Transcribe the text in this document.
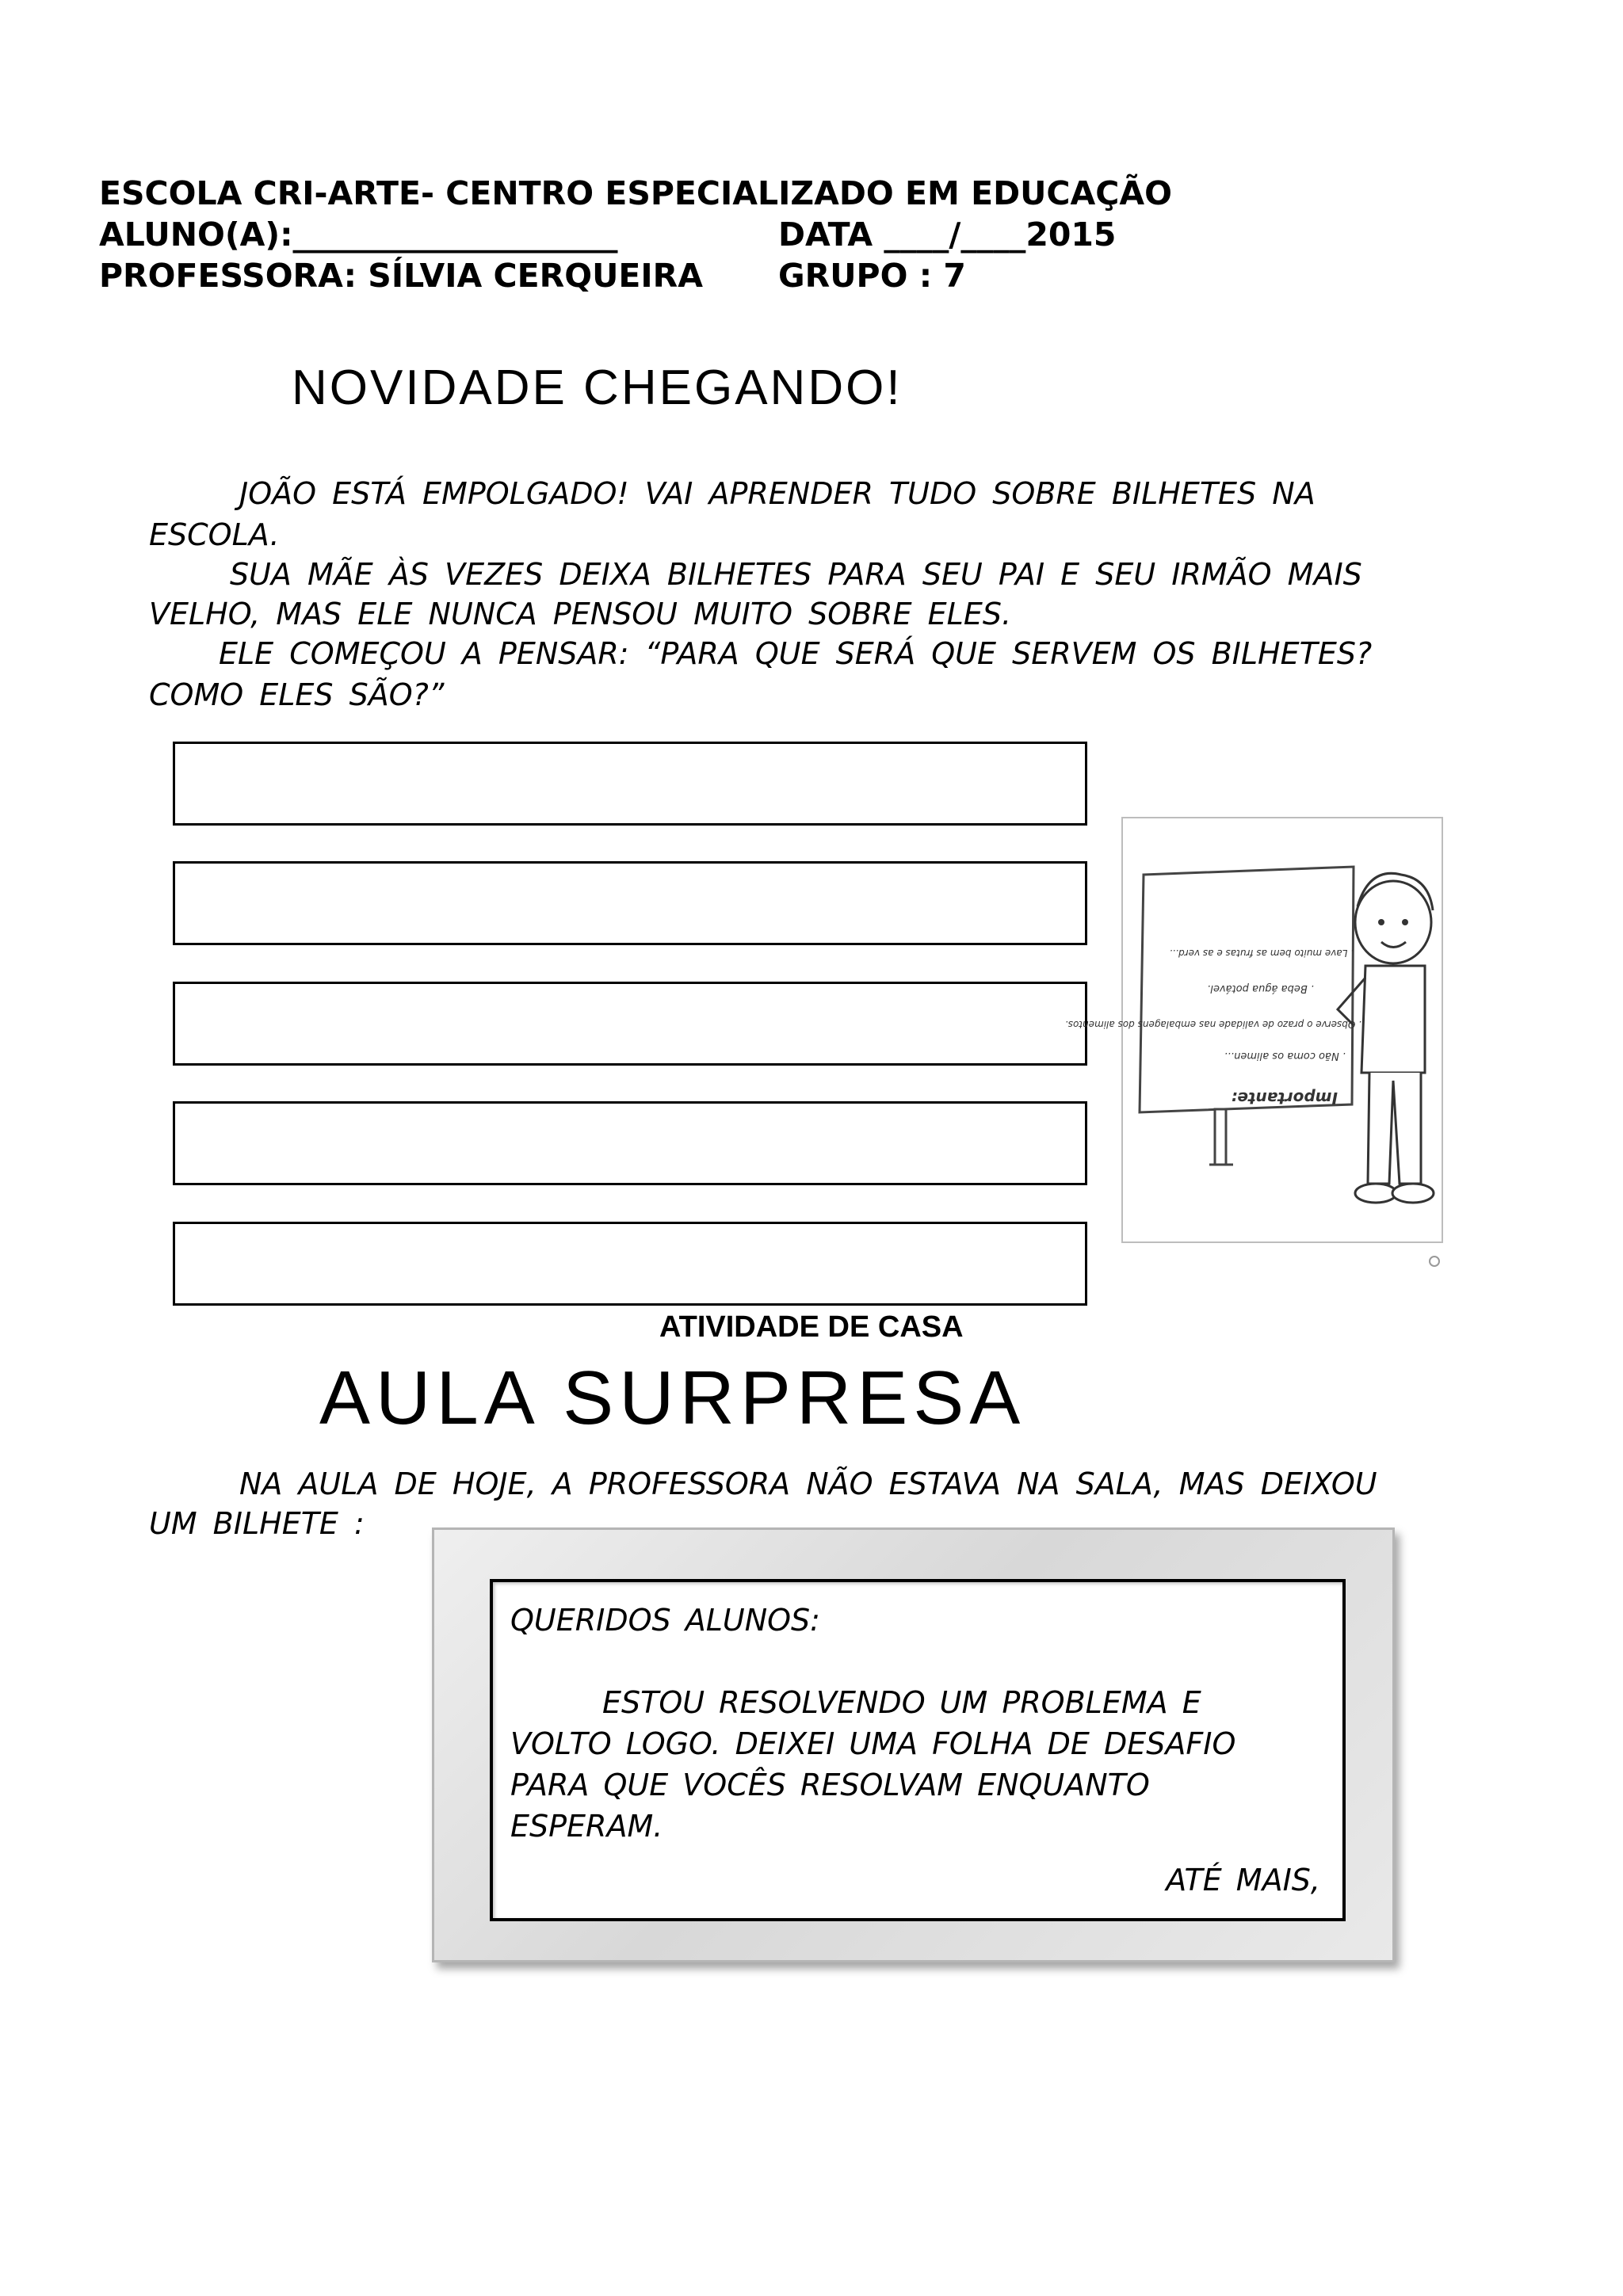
ESCOLA CRI-ARTE- CENTRO ESPECIALIZADO EM EDUCAÇÃO
ALUNO(A):____________________	DATA ____/____2015
PROFESSORA: SÍLVIA CERQUEIRA GRUPO : 7
NOVIDADE CHEGANDO!
JOÃO ESTÁ EMPOLGADO! VAI APRENDER TUDO SOBRE BILHETES NA
ESCOLA.
SUA MÃE ÀS VEZES DEIXA BILHETES PARA SEU PAI E SEU IRMÃO MAIS
VELHO, MAS ELE NUNCA PENSOU MUITO SOBRE ELES.
ELE COMEÇOU A PENSAR: “PARA QUE SERÁ QUE SERVEM OS BILHETES?
COMO ELES SÃO?”
Importante:
. Não coma os alimen...
. Observe o prazo de validade nas embalagens dos alimentos.
. Beba água potável.
. Lave muito bem as frutas e as verd...
ATIVIDADE DE CASA
AULA SURPRESA
NA AULA DE HOJE, A PROFESSORA NÃO ESTAVA NA SALA, MAS DEIXOU
UM BILHETE :
QUERIDOS ALUNOS:
ESTOU RESOLVENDO UM PROBLEMA E
VOLTO LOGO. DEIXEI UMA FOLHA DE DESAFIO
PARA QUE VOCÊS RESOLVAM ENQUANTO
ESPERAM.
ATÉ MAIS,
